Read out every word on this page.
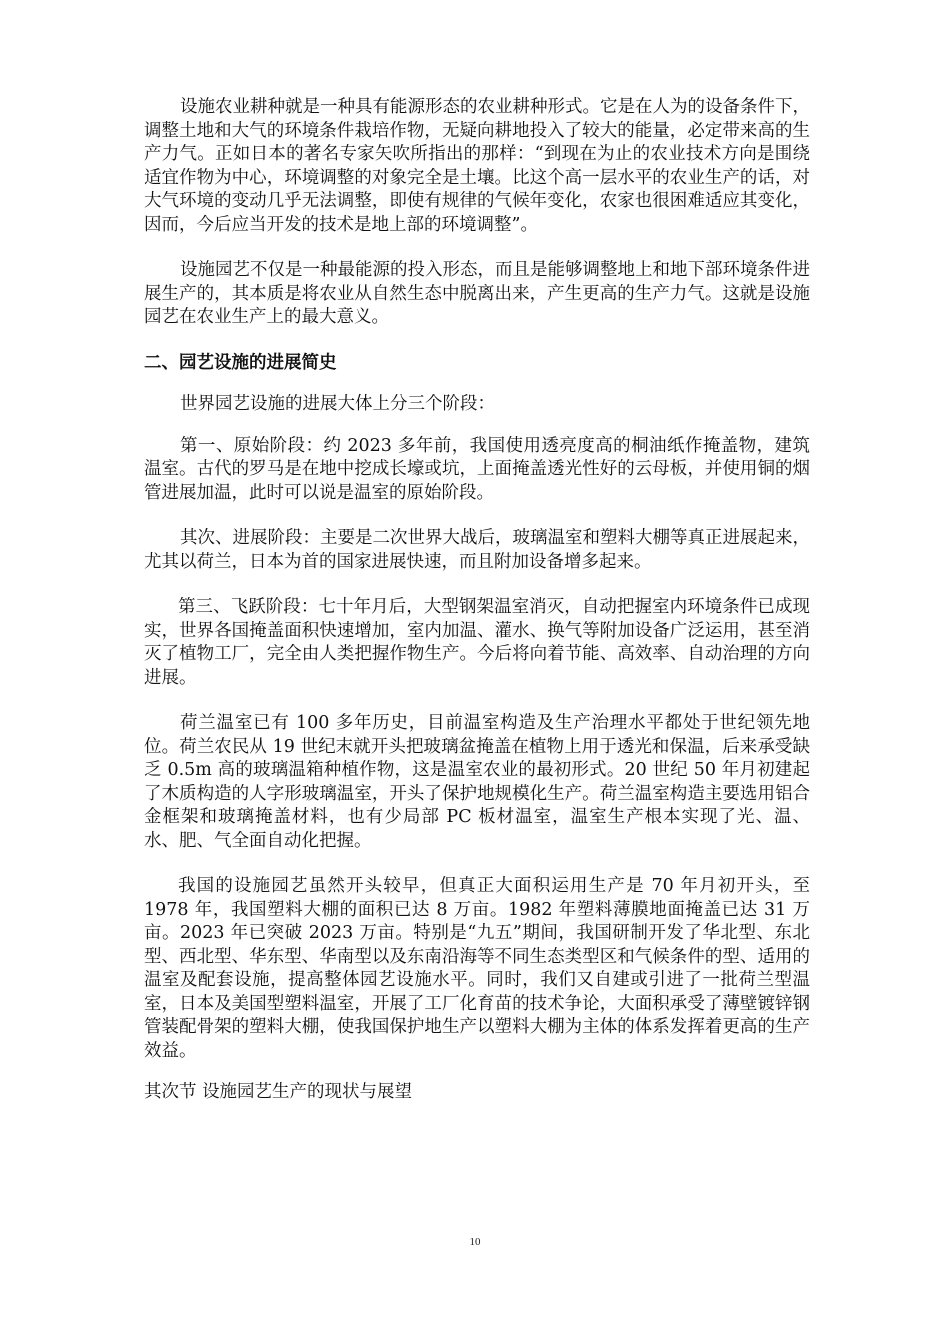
设施农业耕种就是一种具有能源形态的农业耕种形式。它是在人为的设备条件下，调整土地和大气的环境条件栽培作物，无疑向耕地投入了较大的能量，必定带来高的生产力气。正如日本的著名专家矢吹所指出的那样：“到现在为止的农业技术方向是围绕适宜作物为中心，环境调整的对象完全是土壤。比这个高一层水平的农业生产的话，对大气环境的变动几乎无法调整，即使有规律的气候年变化，农家也很困难适应其变化，因而，今后应当开发的技术是地上部的环境调整”。

设施园艺不仅是一种最能源的投入形态，而且是能够调整地上和地下部环境条件进展生产的，其本质是将农业从自然生态中脱离出来，产生更高的生产力气。这就是设施园艺在农业生产上的最大意义。

二、园艺设施的进展简史

世界园艺设施的进展大体上分三个阶段：

第一、原始阶段：约 2023 多年前，我国使用透亮度高的桐油纸作掩盖物，建筑温室。古代的罗马是在地中挖成长壕或坑，上面掩盖透光性好的云母板，并使用铜的烟管进展加温，此时可以说是温室的原始阶段。

其次、进展阶段：主要是二次世界大战后，玻璃温室和塑料大棚等真正进展起来，尤其以荷兰，日本为首的国家进展快速，而且附加设备增多起来。

第三、飞跃阶段：七十年月后，大型钢架温室消灭，自动把握室内环境条件已成现实，世界各国掩盖面积快速增加，室内加温、灌水、换气等附加设备广泛运用，甚至消灭了植物工厂，完全由人类把握作物生产。今后将向着节能、高效率、自动治理的方向进展。

荷兰温室已有 100 多年历史，目前温室构造及生产治理水平都处于世纪领先地位。荷兰农民从 19 世纪末就开头把玻璃盆掩盖在植物上用于透光和保温，后来承受缺乏 0.5m 高的玻璃温箱种植作物，这是温室农业的最初形式。20 世纪 50 年月初建起了木质构造的人字形玻璃温室，开头了保护地规模化生产。荷兰温室构造主要选用铝合金框架和玻璃掩盖材料，也有少局部 PC 板材温室，温室生产根本实现了光、温、水、肥、气全面自动化把握。

我国的设施园艺虽然开头较早，但真正大面积运用生产是 70 年月初开头，至 1978 年，我国塑料大棚的面积已达 8 万亩。1982 年塑料薄膜地面掩盖已达 31 万亩。2023 年已突破 2023 万亩。特别是“九五”期间，我国研制开发了华北型、东北型、西北型、华东型、华南型以及东南沿海等不同生态类型区和气候条件的型、适用的温室及配套设施，提高整体园艺设施水平。同时，我们又自建或引进了一批荷兰型温室，日本及美国型塑料温室，开展了工厂化育苗的技术争论，大面积承受了薄壁镀锌钢管装配骨架的塑料大棚，使我国保护地生产以塑料大棚为主体的体系发挥着更高的生产效益。

其次节 设施园艺生产的现状与展望

10
